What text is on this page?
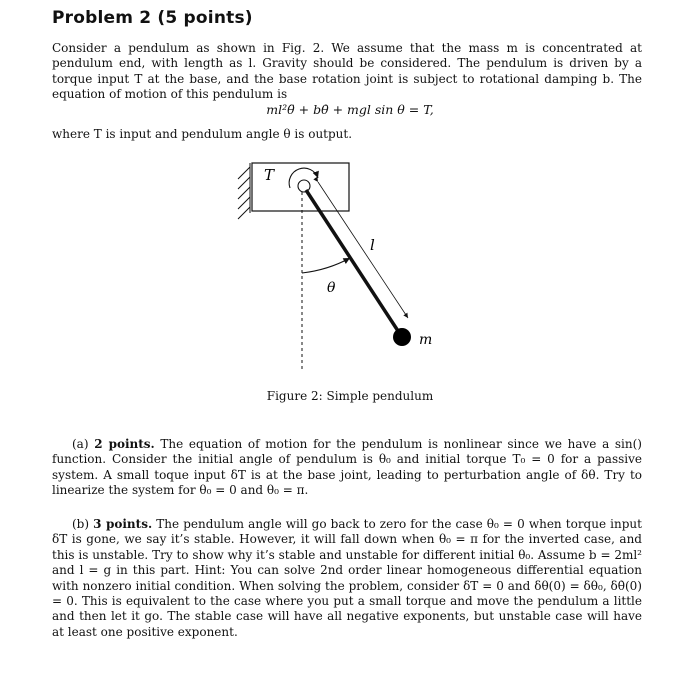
Problem 2 (5 points)
Consider a pendulum as shown in Fig. 2. We assume that the mass m is concentrated at pendulum end, with length as l. Gravity should be considered. The pendulum is driven by a torque input T at the base, and the base rotation joint is subject to rotational damping b. The equation of motion of this pendulum is
ml²θ̈ + bθ̇ + mgl sin θ = T,
where T is input and pendulum angle θ is output.
T
l
θ
m
Figure 2: Simple pendulum
(a) 2 points. The equation of motion for the pendulum is nonlinear since we have a sin() function. Consider the initial angle of pendulum is θ₀ and initial torque T₀ = 0 for a passive system. A small toque input δT is at the base joint, leading to perturbation angle of δθ. Try to linearize the system for θ₀ = 0 and θ₀ = π.
(b) 3 points. The pendulum angle will go back to zero for the case θ₀ = 0 when torque input δT is gone, we say it’s stable. However, it will fall down when θ₀ = π for the inverted case, and this is unstable. Try to show why it’s stable and unstable for different initial θ₀. Assume b = 2ml² and l = g in this part. Hint: You can solve 2nd order linear homogeneous differential equation with nonzero initial condition. When solving the problem, consider δT = 0 and δθ(0) = δθ₀, δθ̇(0) = 0. This is equivalent to the case where you put a small torque and move the pendulum a little and then let it go. The stable case will have all negative exponents, but unstable case will have at least one positive exponent.
